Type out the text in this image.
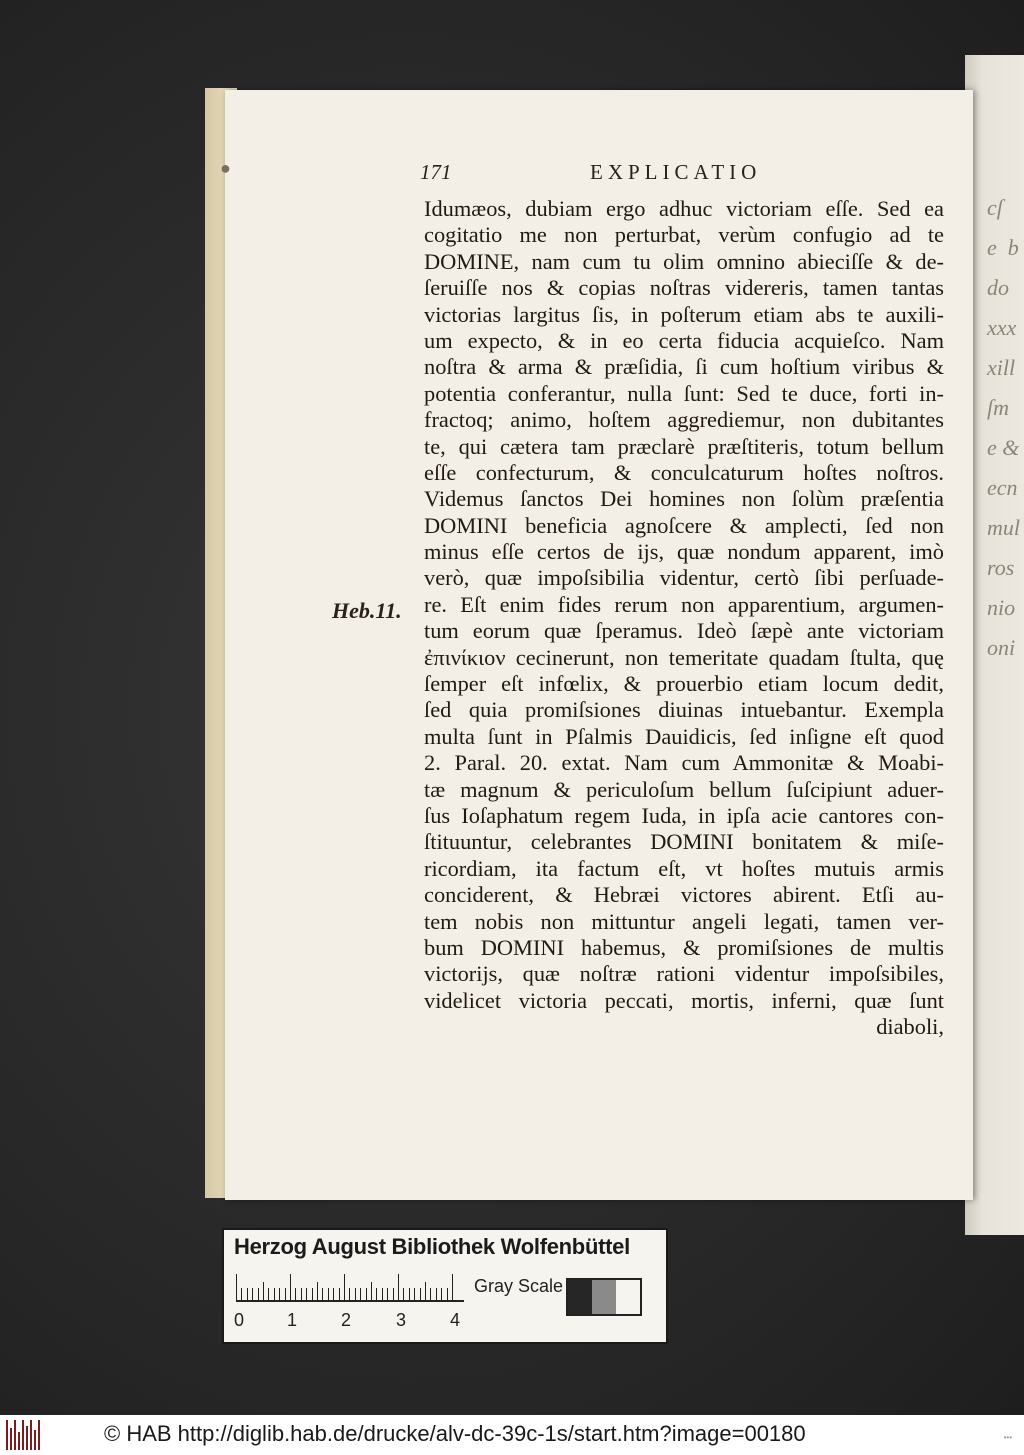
cſ
e  b
do
xxx
xill
ſm
e &
ecn
mul
ros
nio
oni
●	171	EXPLICATIO
Heb.11.
Idumæos, dubiam ergo adhuc victoriam eſſe. Sed ea
cogitatio me non perturbat, verùm confugio ad te
DOMINE, nam cum tu olim omnino abieciſſe & de-
ſeruiſſe nos & copias noſtras videreris, tamen tantas
victorias largitus ſis, in poſterum etiam abs te auxili-
um expecto, & in eo certa fiducia acquieſco. Nam
noſtra & arma & præſidia, ſi cum hoſtium viribus &
potentia conferantur, nulla ſunt: Sed te duce, forti in-
fractoq; animo, hoſtem aggrediemur, non dubitantes
te, qui cætera tam præclarè præſtiteris, totum bellum
eſſe confecturum, & conculcaturum hoſtes noſtros.
Videmus ſanctos Dei homines non ſolùm præſentia
DOMINI beneficia agnoſcere & amplecti, ſed non
minus eſſe certos de ijs, quæ nondum apparent, imò
verò, quæ impoſsibilia videntur, certò ſibi perſuade-
re. Eſt enim fides rerum non apparentium, argumen-
tum eorum quæ ſperamus. Ideò ſæpè ante victoriam
ἐπινίκιον cecinerunt, non temeritate quadam ſtulta, quę
ſemper eſt infœlix, & prouerbio etiam locum dedit,
ſed quia promiſsiones diuinas intuebantur. Exempla
multa ſunt in Pſalmis Dauidicis, ſed inſigne eſt quod
2. Paral. 20. extat. Nam cum Ammonitæ & Moabi-
tæ magnum & periculoſum bellum ſuſcipiunt aduer-
ſus Ioſaphatum regem Iuda, in ipſa acie cantores con-
ſtituuntur, celebrantes DOMINI bonitatem & miſe-
ricordiam, ita factum eſt, vt hoſtes mutuis armis
conciderent, & Hebræi victores abirent. Etſi au-
tem nobis non mittuntur angeli legati, tamen ver-
bum DOMINI habemus, & promiſsiones de multis
victorijs, quæ noſtræ rationi videntur impoſsibiles,
videlicet victoria peccati, mortis, inferni, quæ ſunt
diaboli,
Herzog August Bibliothek Wolfenbüttel
0 1 2 3 4
Gray Scale
© HAB http://diglib.hab.de/drucke/alv-dc-39c-1s/start.htm?image=00180	•••
